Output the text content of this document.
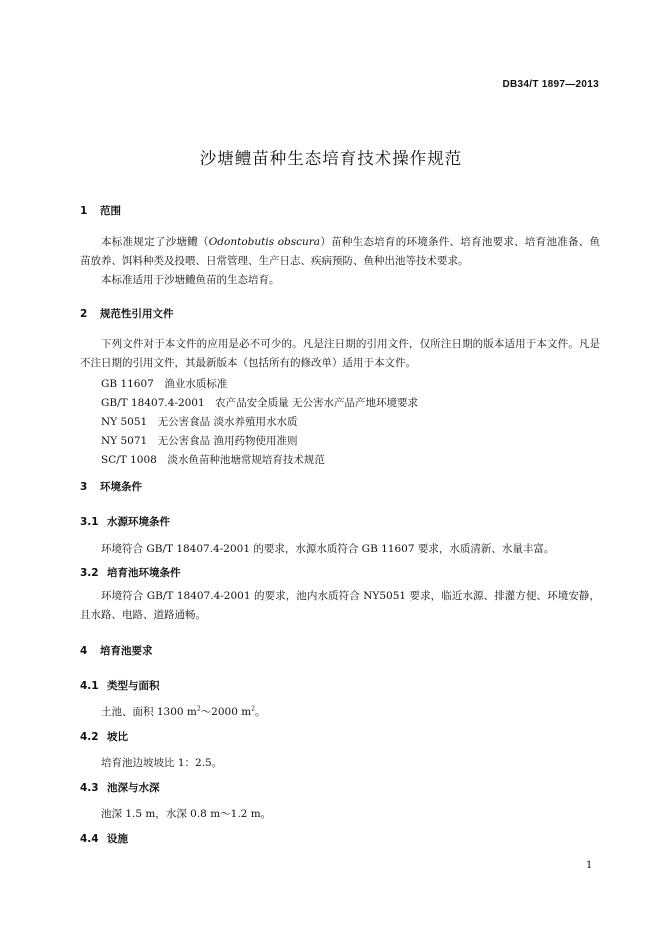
DB34/T 1897—2013
沙塘鳢苗种生态培育技术操作规范
1 范围
本标准规定了沙塘鳢（Odontobutis obscura）苗种生态培育的环境条件、培育池要求、培育池准备、鱼苗放养、饵料种类及投喂、日常管理、生产日志、疾病预防、鱼种出池等技术要求。
本标准适用于沙塘鳢鱼苗的生态培育。
2 规范性引用文件
下列文件对于本文件的应用是必不可少的。凡是注日期的引用文件，仅所注日期的版本适用于本文件。凡是不注日期的引用文件，其最新版本（包括所有的修改单）适用于本文件。
GB 11607　渔业水质标准
GB/T 18407.4-2001　农产品安全质量 无公害水产品产地环境要求
NY 5051　无公害食品 淡水养殖用水水质
NY 5071　无公害食品 渔用药物使用准则
SC/T 1008　淡水鱼苗种池塘常规培育技术规范
3 环境条件
3.1 水源环境条件
环境符合 GB/T 18407.4-2001 的要求，水源水质符合 GB 11607 要求，水质清新、水量丰富。
3.2 培育池环境条件
环境符合 GB/T 18407.4-2001 的要求，池内水质符合 NY5051 要求，临近水源、排灌方便、环境安静，且水路、电路、道路通畅。
4 培育池要求
4.1 类型与面积
土池、面积 1300 $m^2\sim 2000$ $m^2$。
4.2 坡比
培育池边坡坡比 1：2.5。
4.3 池深与水深
池深 1.5 m，水深 0.8 m～1.2 m。
4.4 设施
1
